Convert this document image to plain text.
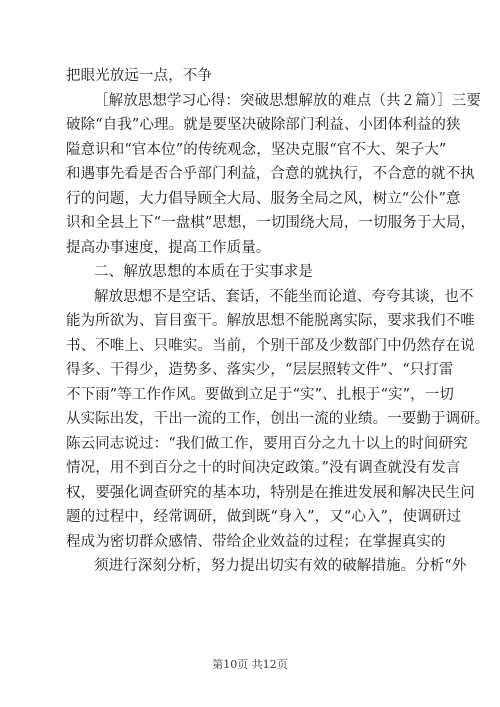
把眼光放远一点，不争
［解放思想学习心得：突破思想解放的难点（共２篇）］三要
破除“自我”心理。就是要坚决破除部门利益、小团体利益的狭
隘意识和“官本位”的传统观念，坚决克服“官不大、架子大”
和遇事先看是否合乎部门利益，合意的就执行，不合意的就不执
行的问题，大力倡导顾全大局、服务全局之风，树立“公仆”意
识和全县上下“一盘棋”思想，一切围绕大局，一切服务于大局，
提高办事速度，提高工作质量。
二、解放思想的本质在于实事求是
解放思想不是空话、套话，不能坐而论道、夸夸其谈，也不
能为所欲为、盲目蛮干。解放思想不能脱离实际，要求我们不唯
书、不唯上、只唯实。当前，个别干部及少数部门中仍然存在说
得多、干得少，造势多、落实少，“层层照转文件”、“只打雷
不下雨”等工作作风。要做到立足于“实”、扎根于“实”，一切
从实际出发，干出一流的工作，创出一流的业绩。一要勤于调研。
陈云同志说过：“我们做工作，要用百分之九十以上的时间研究
情况，用不到百分之十的时间决定政策。”没有调查就没有发言
权，要强化调查研究的基本功，特别是在推进发展和解决民生问
题的过程中，经常调研，做到既“身入”，又“心入”，使调研过
程成为密切群众感情、带给企业效益的过程；在掌握真实的
须进行深刻分析，努力提出切实有效的破解措施。分析“外
第10页 共12页
